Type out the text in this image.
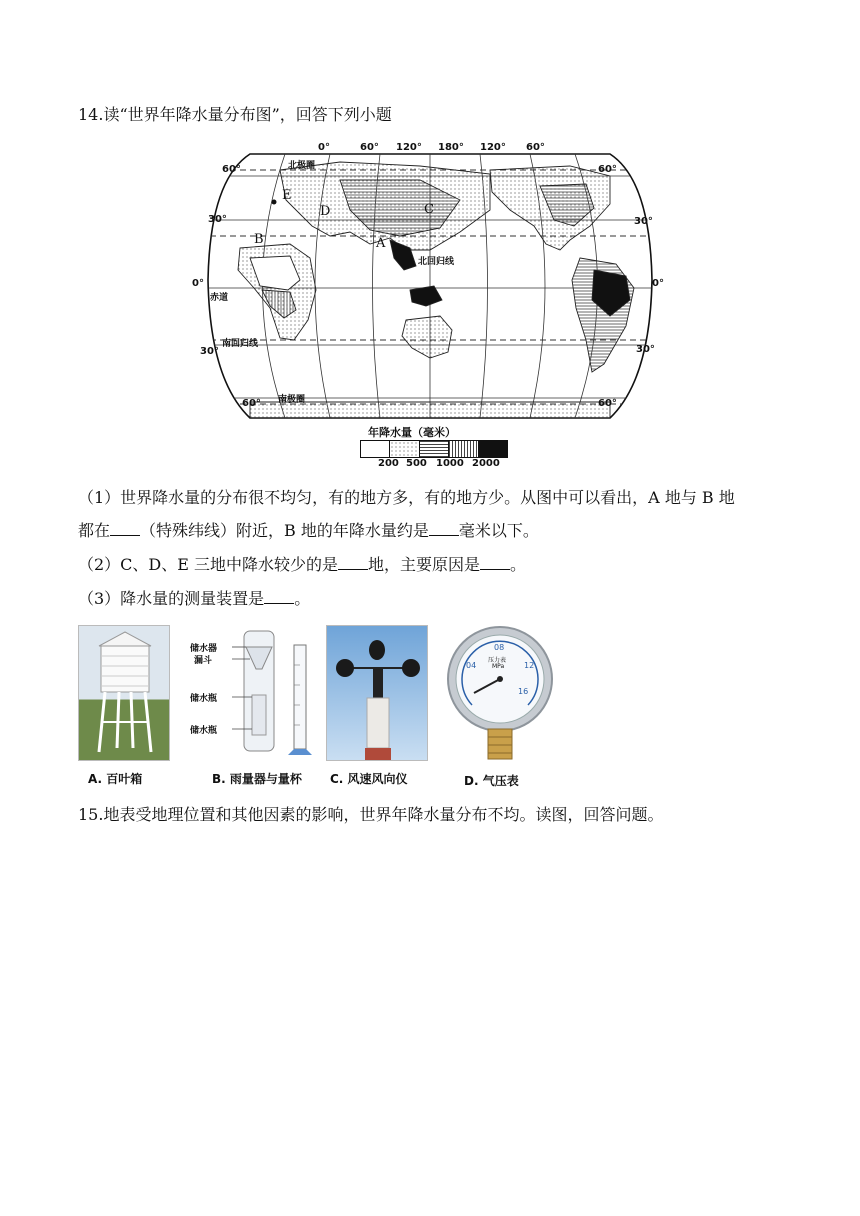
14.读“世界年降水量分布图”，回答下列小题
0°	60° 120° 180° 120° 60°
60°
30°
0°
30°
60°
60°
30°
0°
30°
60°
北极圈
北回归线
赤道
南回归线
南极圈
E
D	C
B	A
年降水量（毫米）
200 500 1000 2000
（1）世界降水量的分布很不均匀，有的地方多，有的地方少。从图中可以看出，A 地与 B 地
都在 （特殊纬线）附近，B 地的年降水量约是 毫米以下。
（2）C、D、E 三地中降水较少的是 地，主要原因是 。
（3）降水量的测量装置是 。
A. 百叶箱
储水器
漏斗
储水瓶
储水瓶
B. 雨量器与量杯 C. 风速风向仪
08
04	12
16
压力表
MPa
D. 气压表
15.地表受地理位置和其他因素的影响，世界年降水量分布不均。读图，回答问题。
